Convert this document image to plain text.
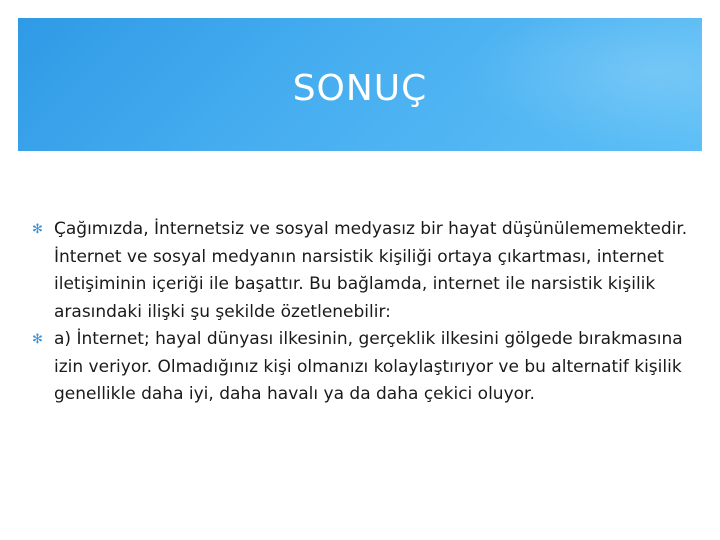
SONUÇ

✻ Çağımızda, İnternetsiz ve sosyal medyasız bir hayat düşünülememektedir. İnternet ve sosyal medyanın narsistik kişiliği ortaya çıkartması, internet iletişiminin içeriği ile başattır. Bu bağlamda, internet ile narsistik kişilik arasındaki ilişki şu şekilde özetlenebilir:

✻ a) İnternet; hayal dünyası ilkesinin, gerçeklik ilkesini gölgede bırakmasına izin veriyor. Olmadığınız kişi olmanızı kolaylaştırıyor ve bu alternatif kişilik genellikle daha iyi, daha havalı ya da daha çekici oluyor.
